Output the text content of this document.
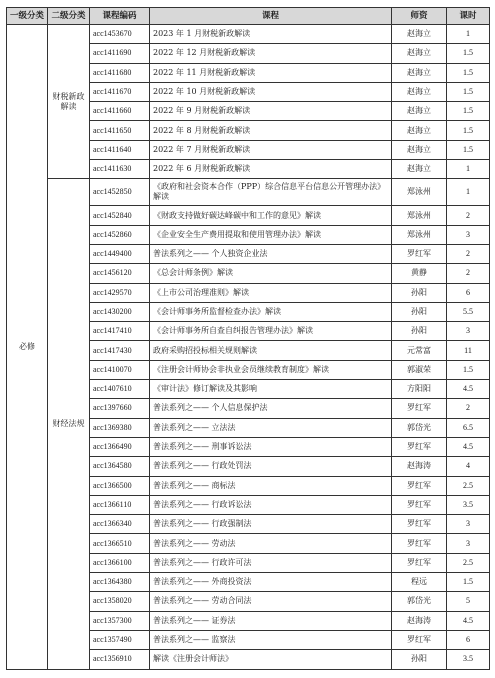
一级分类	二级分类	课程编码	课程	师资	课时
必修	财税新政解读	acc1453670	2023 年 1 月财税新政解读	赵海立	1
		acc1411690	2022 年 12 月财税新政解读	赵海立	1.5
		acc1411680	2022 年 11 月财税新政解读	赵海立	1.5
		acc1411670	2022 年 10 月财税新政解读	赵海立	1.5
		acc1411660	2022 年 9 月财税新政解读	赵海立	1.5
		acc1411650	2022 年 8 月财税新政解读	赵海立	1.5
		acc1411640	2022 年 7 月财税新政解读	赵海立	1.5
		acc1411630	2022 年 6 月财税新政解读	赵海立	1
	财经法规	acc1452850	《政府和社会资本合作（PPP）综合信息平台信息公开管理办法》解读	郑泳州	1
		acc1452840	《财政支持做好碳达峰碳中和工作的意见》解读	郑泳州	2
		acc1452860	《企业安全生产费用提取和使用管理办法》解读	郑泳州	3
		acc1449400	普法系列之—— 个人独资企业法	罗红军	2
		acc1456120	《总会计师条例》解读	黄静	2
		acc1429570	《上市公司治理准则》解读	孙阳	6
		acc1430200	《会计师事务所监督检查办法》解读	孙阳	5.5
		acc1417410	《会计师事务所自查自纠报告管理办法》解读	孙阳	3
		acc1417430	政府采购招投标相关规则解读	元常富	11
		acc1410070	《注册会计师协会非执业会员继续教育制度》解读	郭淑荣	1.5
		acc1407610	《审计法》修订解读及其影响	方阳阳	4.5
		acc1397660	普法系列之—— 个人信息保护法	罗红军	2
		acc1369380	普法系列之—— 立法法	郭岱光	6.5
		acc1366490	普法系列之—— 刑事诉讼法	罗红军	4.5
		acc1364580	普法系列之—— 行政处罚法	赵海涛	4
		acc1366500	普法系列之—— 商标法	罗红军	2.5
		acc1366110	普法系列之—— 行政诉讼法	罗红军	3.5
		acc1366340	普法系列之—— 行政强制法	罗红军	3
		acc1366510	普法系列之—— 劳动法	罗红军	3
		acc1366100	普法系列之—— 行政许可法	罗红军	2.5
		acc1364380	普法系列之—— 外商投资法	程远	1.5
		acc1358020	普法系列之—— 劳动合同法	郭岱光	5
		acc1357300	普法系列之—— 证券法	赵海涛	4.5
		acc1357490	普法系列之—— 监察法	罗红军	6
		acc1356910	解读《注册会计师法》	孙阳	3.5
